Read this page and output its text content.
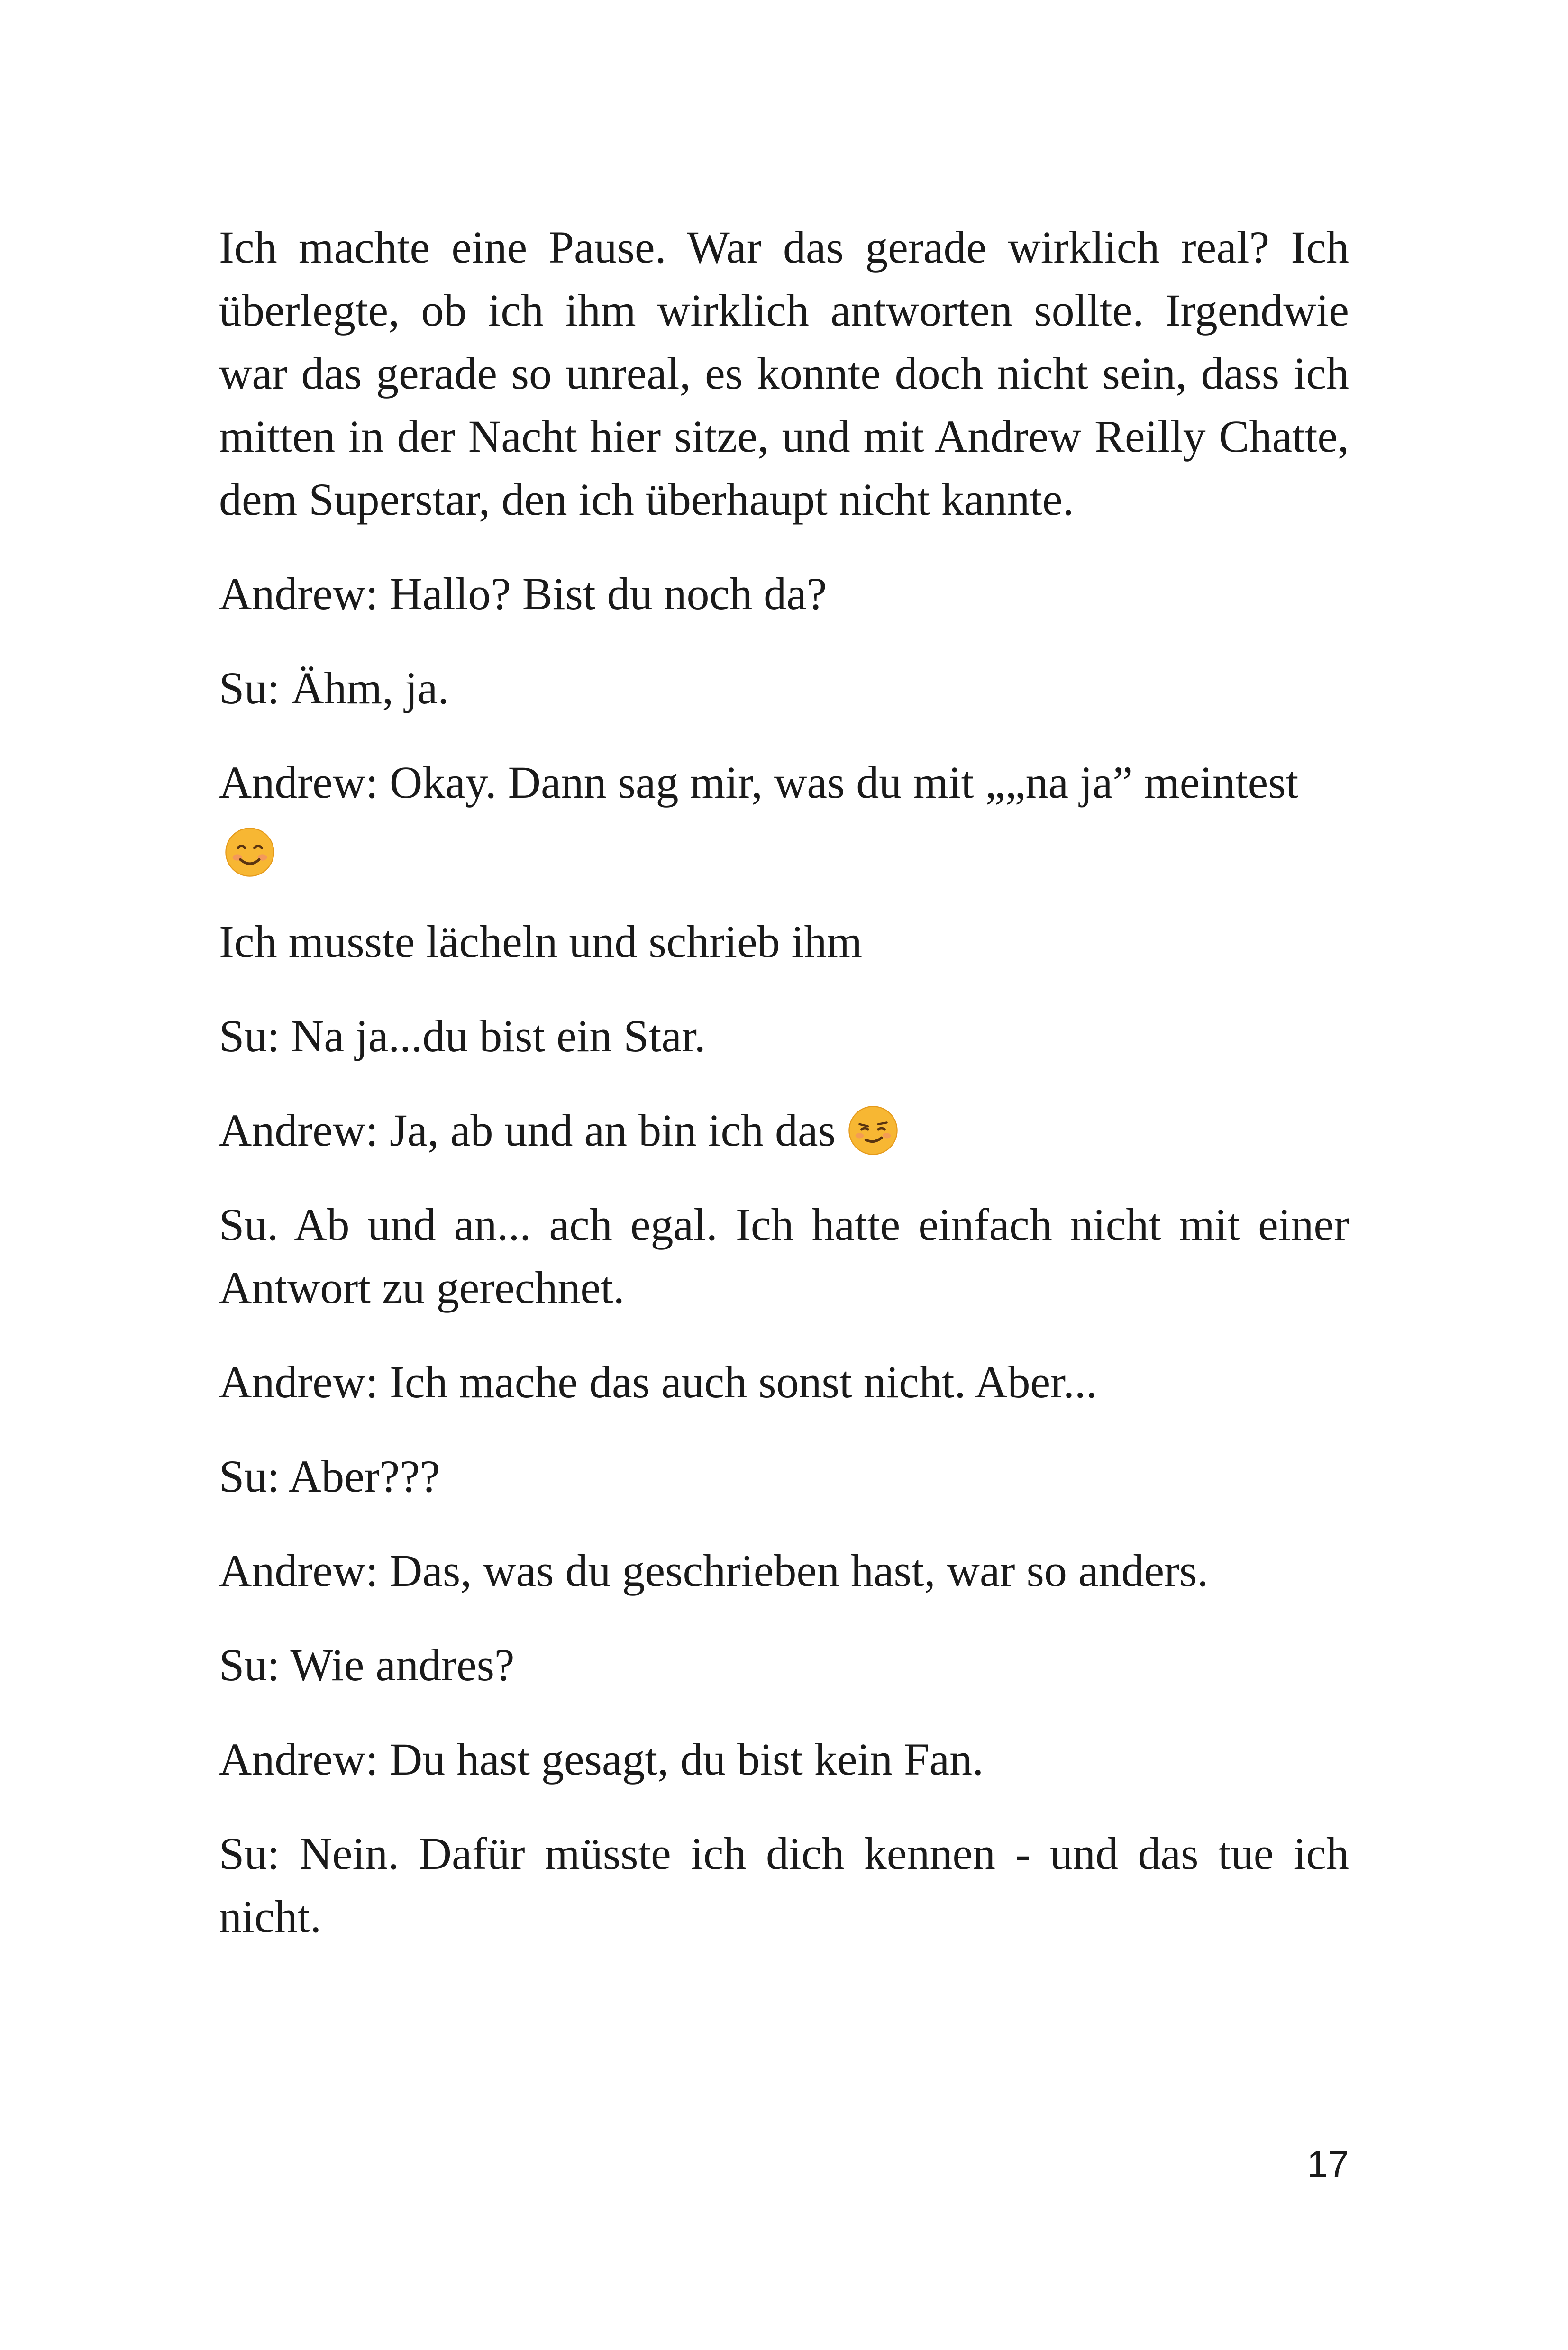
Ich machte eine Pause. War das gerade wirklich real? Ich überlegte, ob ich ihm wirklich antworten sollte. Irgendwie war das gerade so unreal, es konnte doch nicht sein, dass ich mitten in der Nacht hier sitze, und mit Andrew Reilly Chatte, dem Superstar, den ich überhaupt nicht kannte.

Andrew: Hallo? Bist du noch da?

Su: Ähm, ja.

Andrew: Okay. Dann sag mir, was du mit „„na ja” meintest

Ich musste lächeln und schrieb ihm

Su: Na ja...du bist ein Star.

Andrew: Ja, ab und an bin ich das

Su. Ab und an... ach egal. Ich hatte einfach nicht mit einer Antwort zu gerechnet.

Andrew: Ich mache das auch sonst nicht. Aber...

Su: Aber???

Andrew: Das, was du geschrieben hast, war so anders.

Su: Wie andres?

Andrew: Du hast gesagt, du bist kein Fan.

Su: Nein. Dafür müsste ich dich kennen - und das tue ich nicht.

17
